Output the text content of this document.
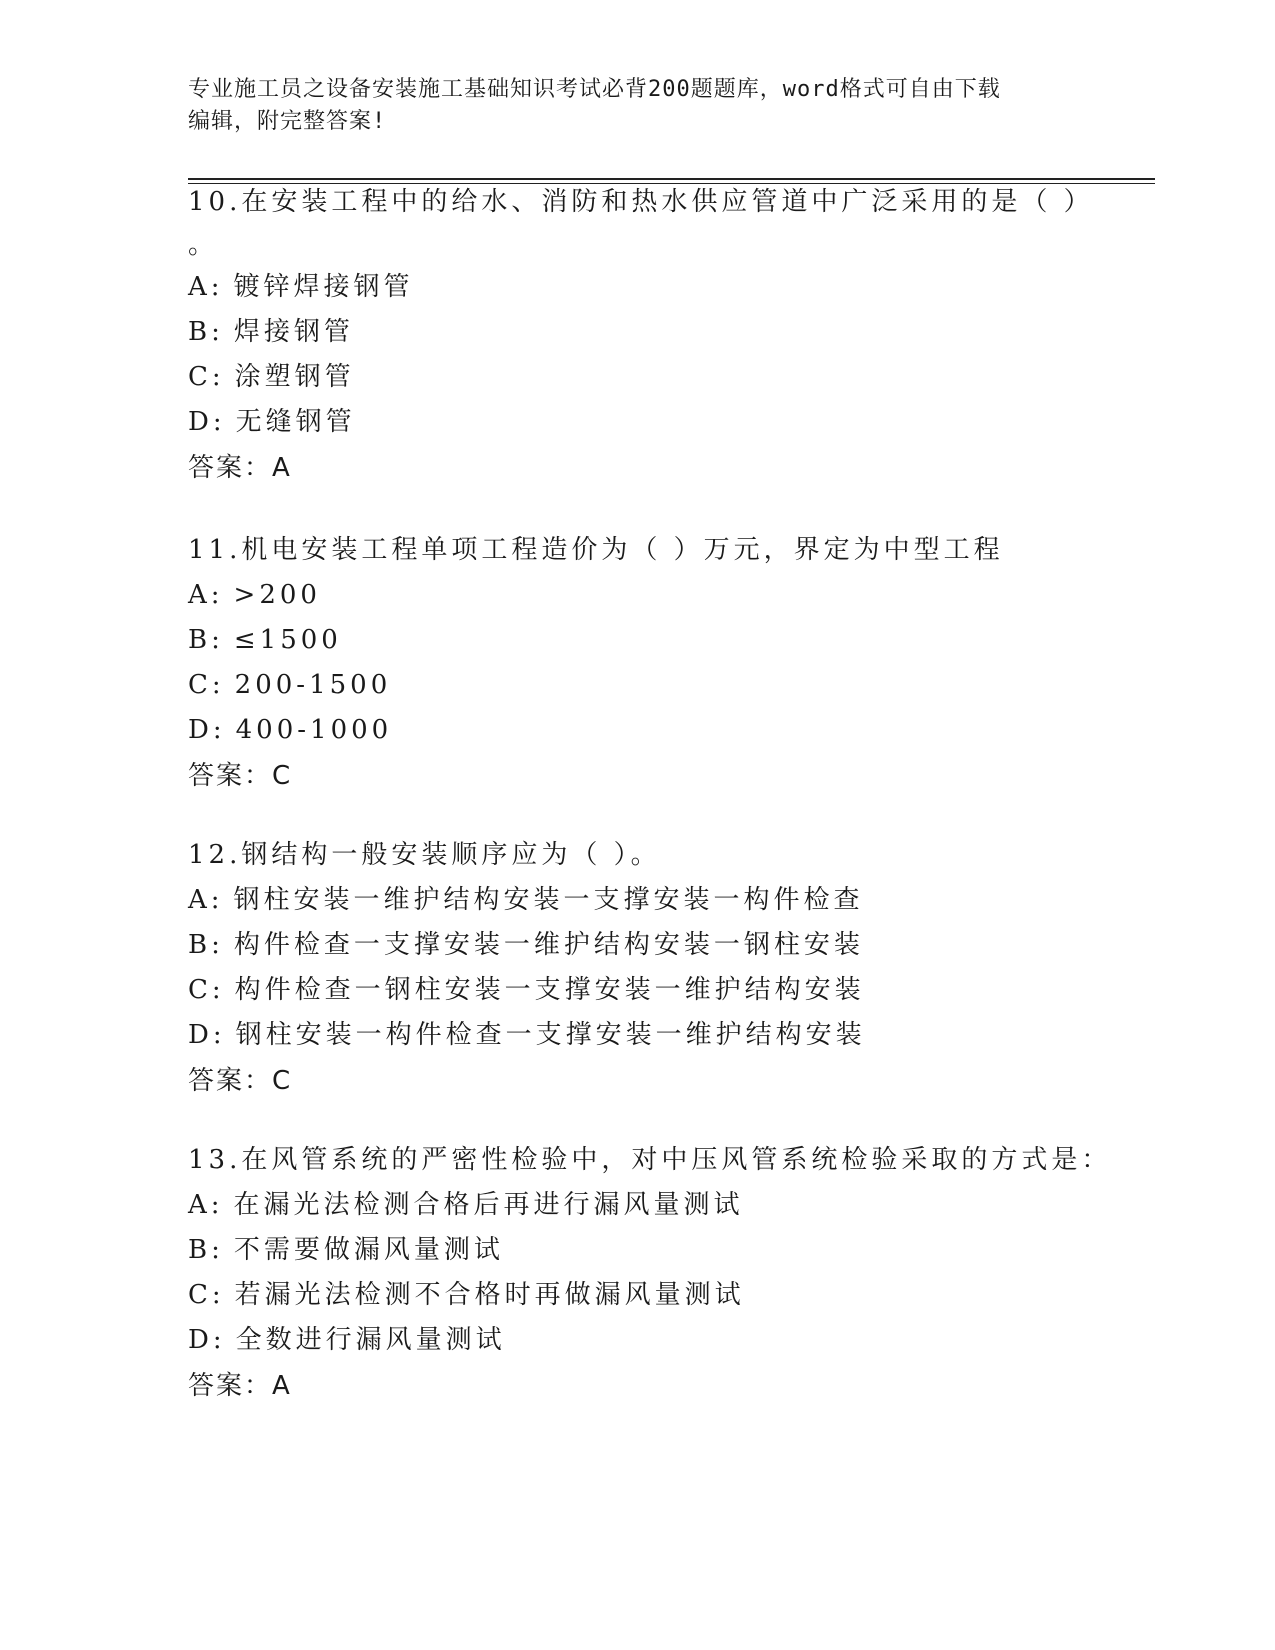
专业施工员之设备安装施工基础知识考试必背200题题库，word格式可自由下载
编辑，附完整答案!
10.在安装工程中的给水、消防和热水供应管道中广泛采用的是（ ）
。
A: 镀锌焊接钢管
B: 焊接钢管
C: 涂塑钢管
D: 无缝钢管
答案：A
11.机电安装工程单项工程造价为（ ）万元，界定为中型工程
A: >200
B: ≤1500
C: 200-1500
D: 400-1000
答案：C
12.钢结构一般安装顺序应为（ ）。
A: 钢柱安装一维护结构安装一支撑安装一构件检查
B: 构件检查一支撑安装一维护结构安装一钢柱安装
C: 构件检查一钢柱安装一支撑安装一维护结构安装
D: 钢柱安装一构件检查一支撑安装一维护结构安装
答案：C
13.在风管系统的严密性检验中，对中压风管系统检验采取的方式是：
A: 在漏光法检测合格后再进行漏风量测试
B: 不需要做漏风量测试
C: 若漏光法检测不合格时再做漏风量测试
D: 全数进行漏风量测试
答案：A
